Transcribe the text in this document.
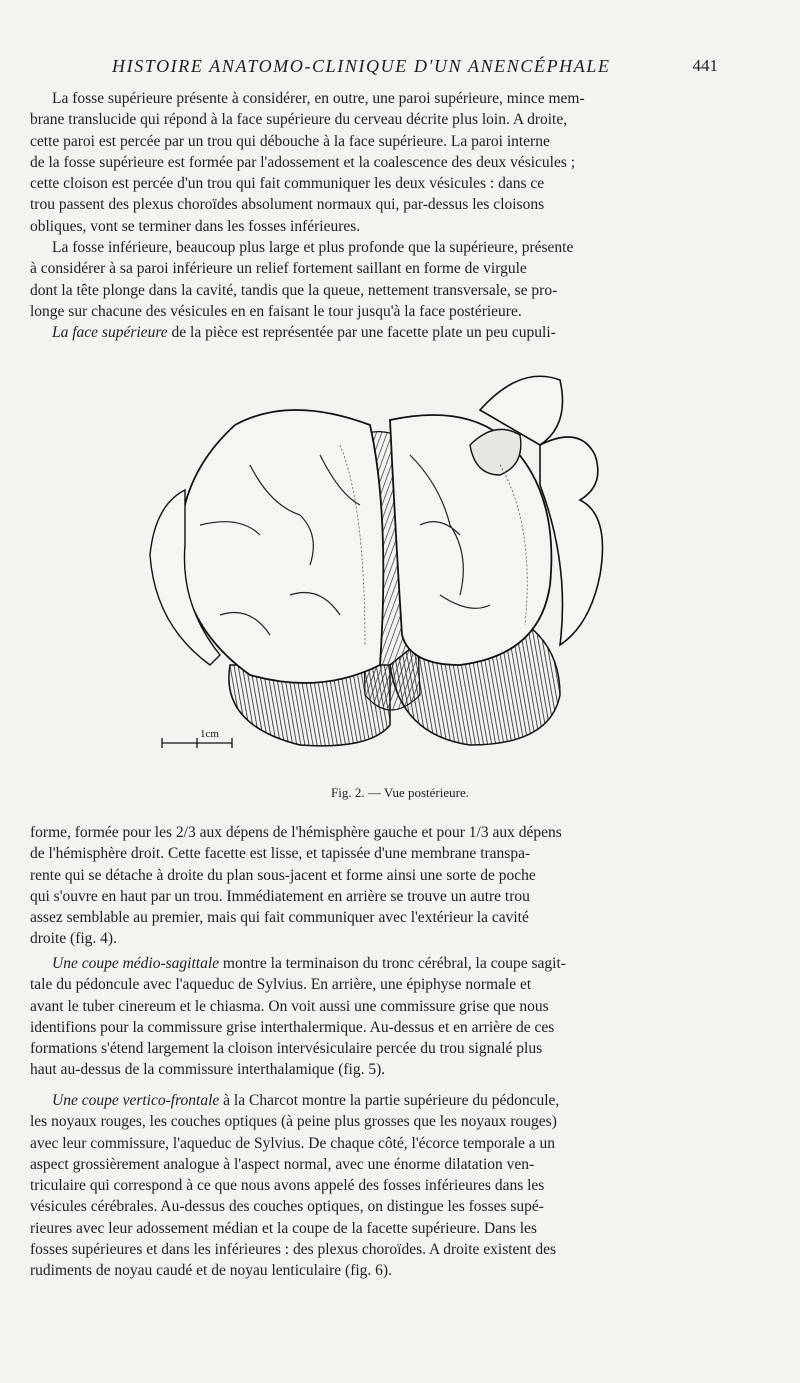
HISTOIRE ANATOMO-CLINIQUE D'UN ANENCÉPHALE	441
La fosse supérieure présente à considérer, en outre, une paroi supérieure, mince mem-
brane translucide qui répond à la face supérieure du cerveau décrite plus loin. A droite,
cette paroi est percée par un trou qui débouche à la face supérieure. La paroi interne
de la fosse supérieure est formée par l'adossement et la coalescence des deux vésicules ;
cette cloison est percée d'un trou qui fait communiquer les deux vésicules : dans ce
trou passent des plexus choroïdes absolument normaux qui, par-dessus les cloisons
obliques, vont se terminer dans les fosses inférieures.
La fosse inférieure, beaucoup plus large et plus profonde que la supérieure, présente
à considérer à sa paroi inférieure un relief fortement saillant en forme de virgule
dont la tête plonge dans la cavité, tandis que la queue, nettement transversale, se pro-
longe sur chacune des vésicules en en faisant le tour jusqu'à la face postérieure.
La face supérieure de la pièce est représentée par une facette plate un peu cupuli-
1cm
Fig. 2. — Vue postérieure.
forme, formée pour les 2/3 aux dépens de l'hémisphère gauche et pour 1/3 aux dépens
de l'hémisphère droit. Cette facette est lisse, et tapissée d'une membrane transpa-
rente qui se détache à droite du plan sous-jacent et forme ainsi une sorte de poche
qui s'ouvre en haut par un trou. Immédiatement en arrière se trouve un autre trou
assez semblable au premier, mais qui fait communiquer avec l'extérieur la cavité
droite (fig. 4).
Une coupe médio-sagittale montre la terminaison du tronc cérébral, la coupe sagit-
tale du pédoncule avec l'aqueduc de Sylvius. En arrière, une épiphyse normale et
avant le tuber cinereum et le chiasma. On voit aussi une commissure grise que nous
identifions pour la commissure grise interthalermique. Au-dessus et en arrière de ces
formations s'étend largement la cloison intervésiculaire percée du trou signalé plus
haut au-dessus de la commissure interthalamique (fig. 5).
Une coupe vertico-frontale à la Charcot montre la partie supérieure du pédoncule,
les noyaux rouges, les couches optiques (à peine plus grosses que les noyaux rouges)
avec leur commissure, l'aqueduc de Sylvius. De chaque côté, l'écorce temporale a un
aspect grossièrement analogue à l'aspect normal, avec une énorme dilatation ven-
triculaire qui correspond à ce que nous avons appelé des fosses inférieures dans les
vésicules cérébrales. Au-dessus des couches optiques, on distingue les fosses supé-
rieures avec leur adossement médian et la coupe de la facette supérieure. Dans les
fosses supérieures et dans les inférieures : des plexus choroïdes. A droite existent des
rudiments de noyau caudé et de noyau lenticulaire (fig. 6).
